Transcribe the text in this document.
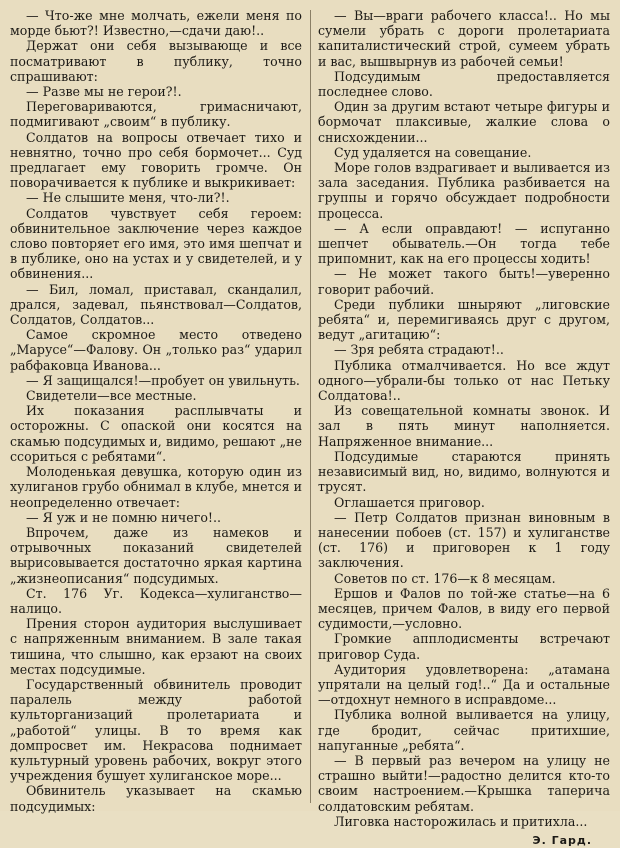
— Что-же мне молчать, ежели меня по морде бьют?! Известно,—сдачи даю!..

Держат они себя вызывающе и все посматривают в публику, точно спрашивают:

— Разве мы не герои?!.

Переговариваются, гримасничают, подмигивают „своим“ в публику.

Солдатов на вопросы отвечает тихо и невнятно, точно про себя бормочет... Суд предлагает ему говорить громче. Он поворачивается к публике и выкрикивает:

— Не слышите меня, что-ли?!.

Солдатов чувствует себя героем: обвинительное заключение через каждое слово повторяет его имя, это имя шепчат и в публике, оно на устах и у свидетелей, и у обвинения...

— Бил, ломал, приставал, скандалил, дрался, задевал, пьянствовал—Солдатов, Солдатов, Солдатов...

Самое скромное место отведено „Марусе“—Фалову. Он „только раз“ ударил рабфаковца Иванова...

— Я защищался!—пробует он увильнуть.

Свидетели—все местные.

Их показания расплывчаты и осторожны. С опаской они косятся на скамью подсудимых и, видимо, решают „не ссориться с ребятами“.

Молоденькая девушка, которую один из хулиганов грубо обнимал в клубе, мнется и неопределенно отвечает:

— Я уж и не помню ничего!..

Впрочем, даже из намеков и отрывочных показаний свидетелей вырисовывается достаточно яркая картина „жизнеописания“ подсудимых.

Ст. 176 Уг. Кодекса—хулиганство—налицо.

Прения сторон аудитория выслушивает с напряженным вниманием. В зале такая тишина, что слышно, как ерзают на своих местах подсудимые.

Государственный обвинитель проводит паралель между работой культорганизаций пролетариата и „работой“ улицы. В то время как домпросвет им. Некрасова поднимает культурный уровень рабочих, вокруг этого учреждения бушует хулиганское море...

Обвинитель указывает на скамью подсудимых:

— Вы—враги рабочего класса!.. Но мы сумели убрать с дороги пролетариата капиталистический строй, сумеем убрать и вас, вышвырнув из рабочей семьи!

Подсудимым предоставляется последнее слово.

Один за другим встают четыре фигуры и бормочат плаксивые, жалкие слова о снисхождении...

Суд удаляется на совещание.

Море голов вздрагивает и выливается из зала заседания. Публика разбивается на группы и горячо обсуждает подробности процесса.

— А если оправдают! — испуганно шепчет обыватель.—Он тогда тебе припомнит, как на его процессы ходить!

— Не может такого быть!—уверенно говорит рабочий.

Среди публики шныряют „лиговские ребята“ и, перемигиваясь друг с другом, ведут „агитацию“:

— Зря ребята страдают!..

Публика отмалчивается. Но все ждут одного—убрали-бы только от нас Петьку Солдатова!..

Из совещательной комнаты звонок. И зал в пять минут наполняется. Напряженное внимание...

Подсудимые стараются принять независимый вид, но, видимо, волнуются и трусят.

Оглашается приговор.

— Петр Солдатов признан виновным в нанесении побоев (ст. 157) и хулиганстве (ст. 176) и приговорен к 1 году заключения.

Советов по ст. 176—к 8 месяцам.

Ершов и Фалов по той-же статье—на 6 месяцев, причем Фалов, в виду его первой судимости,—условно.

Громкие апплодисменты встречают приговор Суда.

Аудитория удовлетворена: „атамана упрятали на целый год!..“ Да и остальные—отдохнут немного в исправдоме...

Публика волной выливается на улицу, где бродит, сейчас притихшие, напуганные „ребята“.

— В первый раз вечером на улицу не страшно выйти!—радостно делится кто-то своим настроением.—Крышка таперича солдатовским ребятам.

Лиговка насторожилась и притихла...

Э. Гард.
